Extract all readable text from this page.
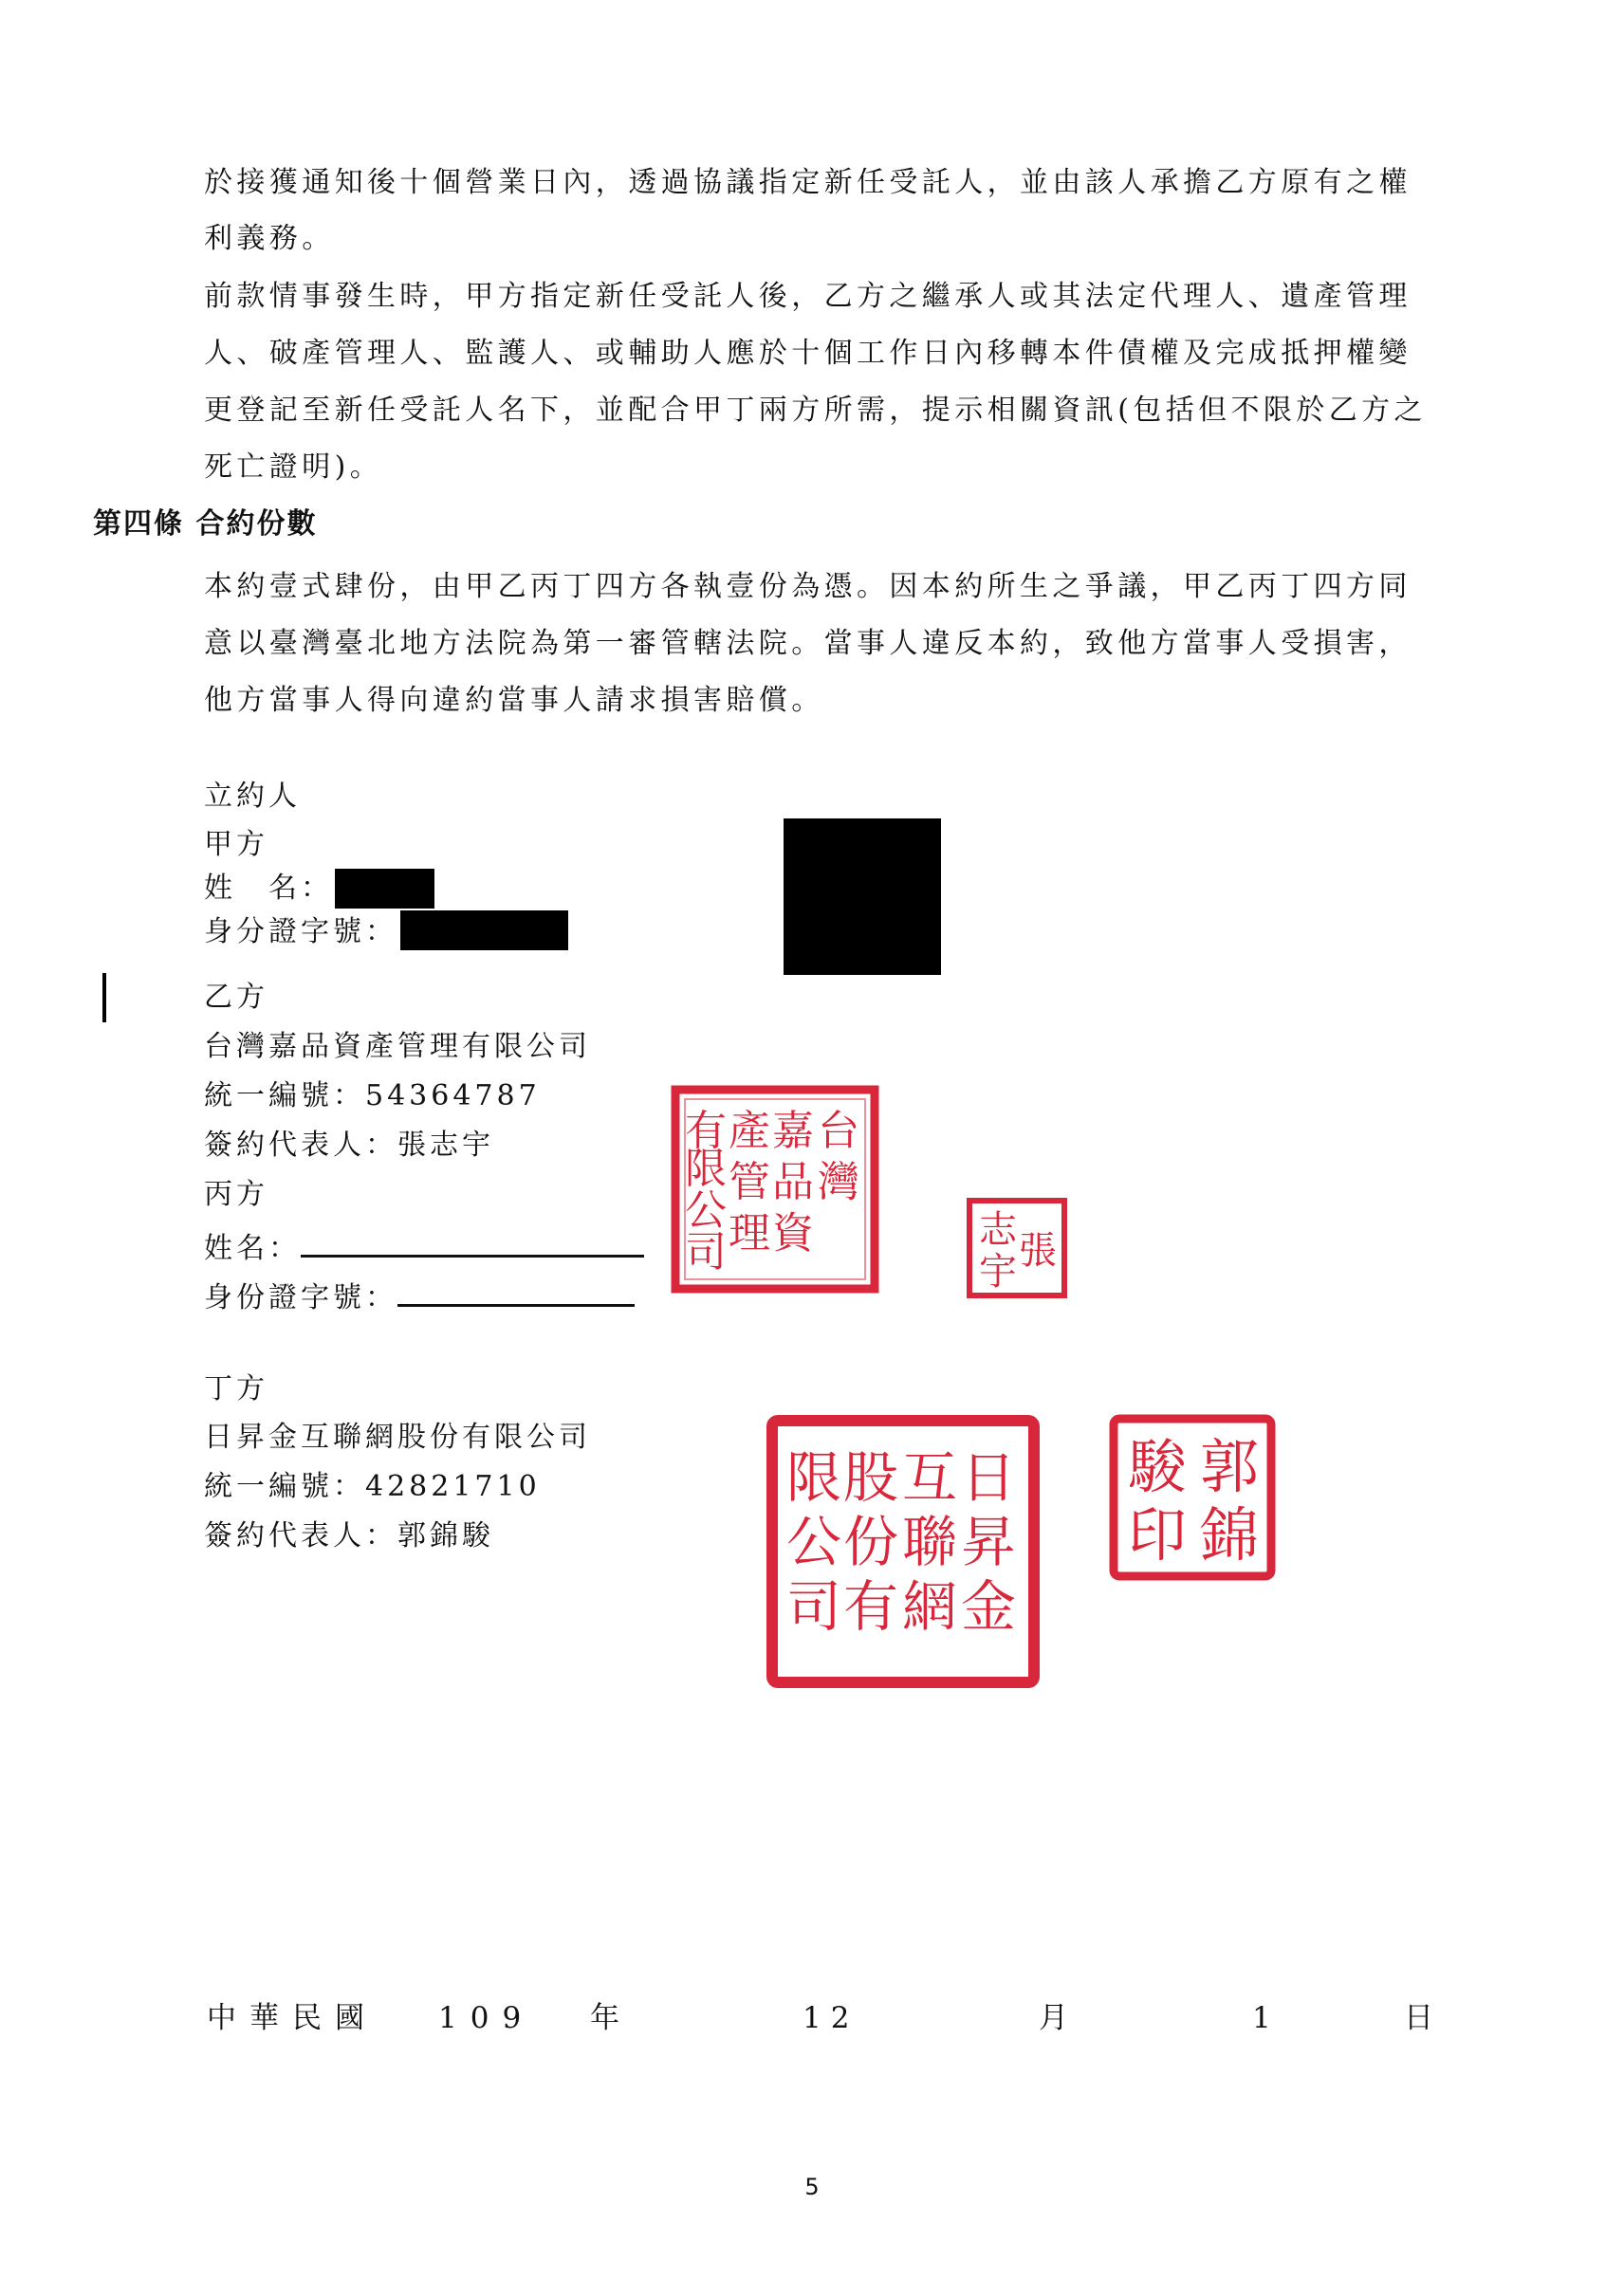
於接獲通知後十個營業日內，透過協議指定新任受託人，並由該人承擔乙方原有之權
利義務。
前款情事發生時，甲方指定新任受託人後，乙方之繼承人或其法定代理人、遺產管理
人、破產管理人、監護人、或輔助人應於十個工作日內移轉本件債權及完成抵押權變
更登記至新任受託人名下，並配合甲丁兩方所需，提示相關資訊(包括但不限於乙方之
死亡證明)。
第四條 合約份數
本約壹式肆份，由甲乙丙丁四方各執壹份為憑。因本約所生之爭議，甲乙丙丁四方同
意以臺灣臺北地方法院為第一審管轄法院。當事人違反本約，致他方當事人受損害，
他方當事人得向違約當事人請求損害賠償。
立約人
甲方
姓　名：
身分證字號：
乙方
台灣嘉品資產管理有限公司
統一編號：54364787
簽約代表人：張志宇
丙方
姓名：
身份證字號：
丁方
日昇金互聯網股份有限公司
統一編號：42821710
簽約代表人：郭錦駿
台
灣
嘉
品
資
產
管
理
有
限
公
司	張
志
宇
日
昇
金
互
聯
網
股
份
有
限
公
司
郭
錦
駿
印
中華民國 109 年	12	月	1	日
5
